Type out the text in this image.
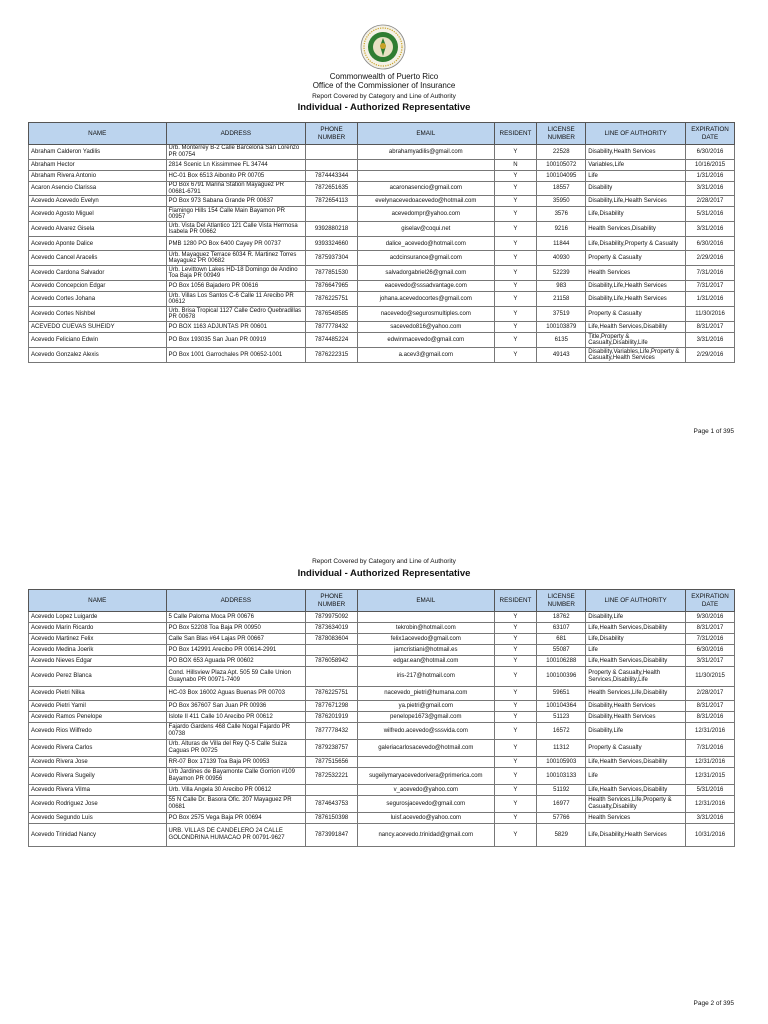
Commonwealth of Puerto Rico
Office of the Commissioner of Insurance
Report Covered by Category and Line of Authority
Individual - Authorized Representative
NAME	ADDRESS	PHONE NUMBER	EMAIL	RESIDENT	LICENSE NUMBER	LINE OF AUTHORITY	EXPIRATION DATE
Abraham Calderon Yadilis	Urb. Monterrey B-2 Calle Barcelona San Lorenzo PR 00754		abrahamyadilis@gmail.com	Y	22528	Disability,Health Services	6/30/2016
Abraham Hector	2814 Scenic Ln Kissimmee FL 34744			N	100105072	Variables,Life	10/16/2015
Abraham Rivera Antonio	HC-01 Box 6513 Aibonito PR 00705	7874443344		Y	100104095	Life	1/31/2016
Acaron Asencio Clarissa	PO Box 6791 Marina Station Mayaguez PR 00681-6791	7872651635	acaronasencio@gmail.com	Y	18557	Disability	3/31/2016
Acevedo Acevedo Evelyn	PO Box 973 Sabana Grande PR 00637	7872654113	evelynacevedoacevedo@hotmail.com	Y	35950	Disability,Life,Health Services	2/28/2017
Acevedo Agosto Miguel	Flamingo Hills 154 Calle Main Bayamon PR 00957		acevedompr@yahoo.com	Y	3576	Life,Disability	5/31/2016
Acevedo Alvarez Gisela	Urb. Vista Del Atlantico 121 Calle Vista Hermosa Isabela PR 00662	9392880218	giselav@coqui.net	Y	9216	Health Services,Disability	3/31/2016
Acevedo Aponte Dalice	PMB 1280 PO Box 6400 Cayey PR 00737	9393324660	dalice_acevedo@hotmail.com	Y	11844	Life,Disability,Property & Casualty	6/30/2016
Acevedo Cancel Aracelis	Urb. Mayaguez Terrace 6034 R. Martinez Torres Mayaguez PR 00682	7875937304	acdcinsurance@gmail.com	Y	40930	Property & Casualty	2/29/2016
Acevedo Cardona Salvador	Urb. Levittown Lakes HD-18 Domingo de Andino Toa Baja PR 00949	7877851530	salvadorgabriel26@gmail.com	Y	52239	Health Services	7/31/2016
Acevedo Concepcion Edgar	PO Box 1056 Bajadero PR 00616	7876647965	eacevedo@sssadvantage.com	Y	983	Disability,Life,Health Services	7/31/2017
Acevedo Cortes Johana	Urb. Villas Los Santos C-6 Calle 11 Arecibo PR 00612	7876225751	johana.acevedocortes@gmail.com	Y	21158	Disability,Life,Health Services	1/31/2016
Acevedo Cortes Nishbel	Urb. Brisa Tropical 1127 Calle Cedro Quebradillas PR 00678	7876548585	nacevedo@segurosmultiples.com	Y	37519	Property & Casualty	11/30/2016
ACEVEDO CUEVAS SUHEIDY	PO BOX 1163 ADJUNTAS PR 00601	7877778432	sacevedo816@yahoo.com	Y	100103879	Life,Health Services,Disability	8/31/2017
Acevedo Feliciano Edwin	PO Box 193035 San Juan PR 00919	7874485224	edwinmacevedo@gmail.com	Y	6135	Title,Property & Casualty,Disability,Life	3/31/2016
Acevedo Gonzalez Alexis	PO Box 1001 Garrochales PR 00652-1001	7876222315	a.acev3@gmail.com	Y	49143	Disability,Variables,Life,Property & Casualty,Health Services	2/29/2016
Page 1 of 395
Report Covered by Category and Line of Authority
Individual - Authorized Representative
NAME	ADDRESS	PHONE NUMBER	EMAIL	RESIDENT	LICENSE NUMBER	LINE OF AUTHORITY	EXPIRATION DATE
Acevedo Lopez Luigarde	5 Calle Paloma Moca PR 00676	7879975092		Y	18762	Disability,Life	9/30/2016
Acevedo Marin Ricardo	PO Box 52208 Toa Baja PR 00950	7873634019	tekrobin@hotmail.com	Y	63107	Life,Health Services,Disability	8/31/2017
Acevedo Martinez Felix	Calle San Blas #64 Lajas PR 00667	7878083604	felix1acevedo@gmail.com	Y	681	Life,Disability	7/31/2016
Acevedo Medina Joerik	PO Box 142991 Arecibo PR 00614-2991		jamcristiani@hotmail.es	Y	55087	Life	6/30/2016
Acevedo Nieves Edgar	PO BOX 653 Aguada PR 00602	7876058942	edgar.ean@hotmail.com	Y	100106288	Life,Health Services,Disability	3/31/2017
Acevedo Perez Blanca	Cond. Hillsview Plaza Apt. 505 59 Calle Union Guaynabo PR 00971-7409		iris-217@hotmail.com	Y	100100396	Property & Casualty,Health Services,Disability,Life	11/30/2015
Acevedo Pietri Nilka	HC-03 Box 16002 Aguas Buenas PR 00703	7876225751	nacevedo_pietri@humana.com	Y	59651	Health Services,Life,Disability	2/28/2017
Acevedo Pietri Yamil	PO Box 367607 San Juan PR 00936	7877671298	ya.pietri@gmail.com	Y	100104364	Disability,Health Services	8/31/2017
Acevedo Ramos Penelope	Islote II 411 Calle 10 Arecibo PR 00612	7876201919	penelope1673@gmail.com	Y	51123	Disability,Health Services	8/31/2016
Acevedo Rios Wilfredo	Fajardo Gardens 468 Calle Nogal Fajardo PR 00738	7877778432	wilfredo.acevedo@sssvida.com	Y	16572	Disability,Life	12/31/2016
Acevedo Rivera Carlos	Urb. Alturas de Villa del Rey Q-5 Calle Suiza Caguas PR 00725	7879238757	galeriacarlosacevedo@hotmail.com	Y	11312	Property & Casualty	7/31/2016
Acevedo Rivera Jose	RR-07 Box 17139 Toa Baja PR 00953	7877515656		Y	100105903	Life,Health Services,Disability	12/31/2016
Acevedo Rivera Sugeily	Urb Jardines de Bayamonte Calle Gorrion #109 Bayamon PR 00956	7872532221	sugeilymaryacevedorivera@primerica.com	Y	100103133	Life	12/31/2015
Acevedo Rivera Vilma	Urb. Villa Angela 30 Arecibo PR 00612		v_acevedo@yahoo.com	Y	51192	Life,Health Services,Disability	5/31/2016
Acevedo Rodriguez Jose	55 N Calle Dr. Basora Ofic. 207 Mayaguez PR 00681	7874643753	segurosjacevedo@gmail.com	Y	16977	Health Services,Life,Property & Casualty,Disability	12/31/2016
Acevedo Segundo Luis	PO Box 2575 Vega Baja PR 00694	7876150398	luisf.acevedo@yahoo.com	Y	57766	Health Services	3/31/2016
Acevedo Trinidad Nancy	URB. VILLAS DE CANDELERO 24 CALLE GOLONDRINA HUMACAO PR 00791-9627	7873991847	nancy.acevedo.trinidad@gmail.com	Y	5829	Life,Disability,Health Services	10/31/2016
Page 2 of 395
